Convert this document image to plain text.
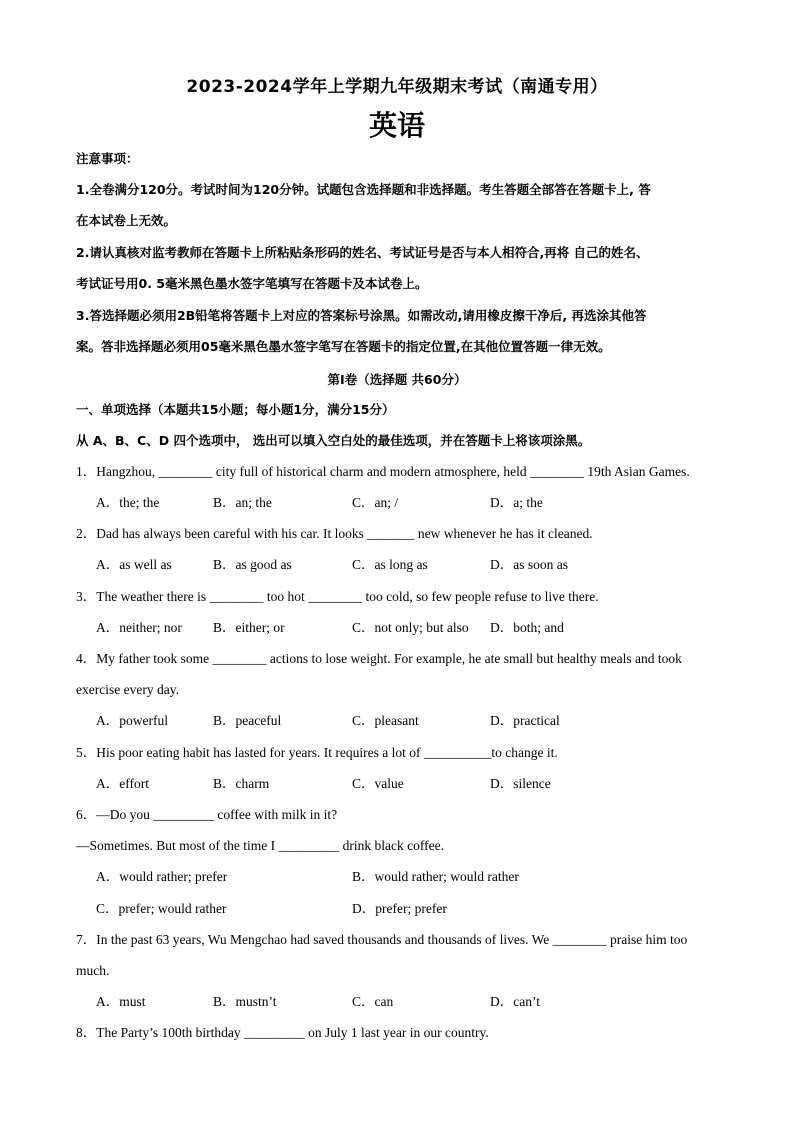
2023-2024学年上学期九年级期末考试（南通专用）
英语
注意事项：
1.全卷满分120分。考试时间为120分钟。试题包含选择题和非选择题。考生答题全部答在答题卡上, 答
在本试卷上无效。
2.请认真核对监考教师在答题卡上所粘贴条形码的姓名、考试证号是否与本人相符合,再将 自己的姓名、
考试证号用0. 5毫米黑色墨水签字笔填写在答题卡及本试卷上。
3.答选择题必须用2B铅笔将答题卡上对应的答案标号涂黑。如需改动,请用橡皮擦干净后, 再选涂其他答
案。答非选择题必须用05毫米黑色墨水签字笔写在答题卡的指定位置,在其他位置答题一律无效。
第I卷（选择题 共60分）
一、单项选择（本题共15小题；每小题1分，满分15分）
从 A、B、C、D 四个选项中， 选出可以填入空白处的最佳选项，并在答题卡上将该项涂黑。
1．Hangzhou, ________ city full of historical charm and modern atmosphere, held ________ 19th Asian Games.
A．the; the	B．an; the	C．an; /	D．a; the
2．Dad has always been careful with his car. It looks _______ new whenever he has it cleaned.
A．as well as	B．as good as	C．as long as	D．as soon as
3．The weather there is ________ too hot ________ too cold, so few people refuse to live there.
A．neither; nor B．either; or	C．not only; but also D．both; and
4．My father took some ________ actions to lose weight. For example, he ate small but healthy meals and took
exercise every day.
A．powerful	B．peaceful	C．pleasant	D．practical
5．His poor eating habit has lasted for years. It requires a lot of __________to change it.
A．effort	B．charm	C．value	D．silence
6．—Do you _________ coffee with milk in it?
—Sometimes. But most of the time I _________ drink black coffee.
A．would rather; prefer	B．would rather; would rather
C．prefer; would rather	D．prefer; prefer
7．In the past 63 years, Wu Mengchao had saved thousands and thousands of lives. We ________ praise him too
much.
A．must	B．mustn’t	C．can	D．can’t
8．The Party’s 100th birthday _________ on July 1 last year in our country.
